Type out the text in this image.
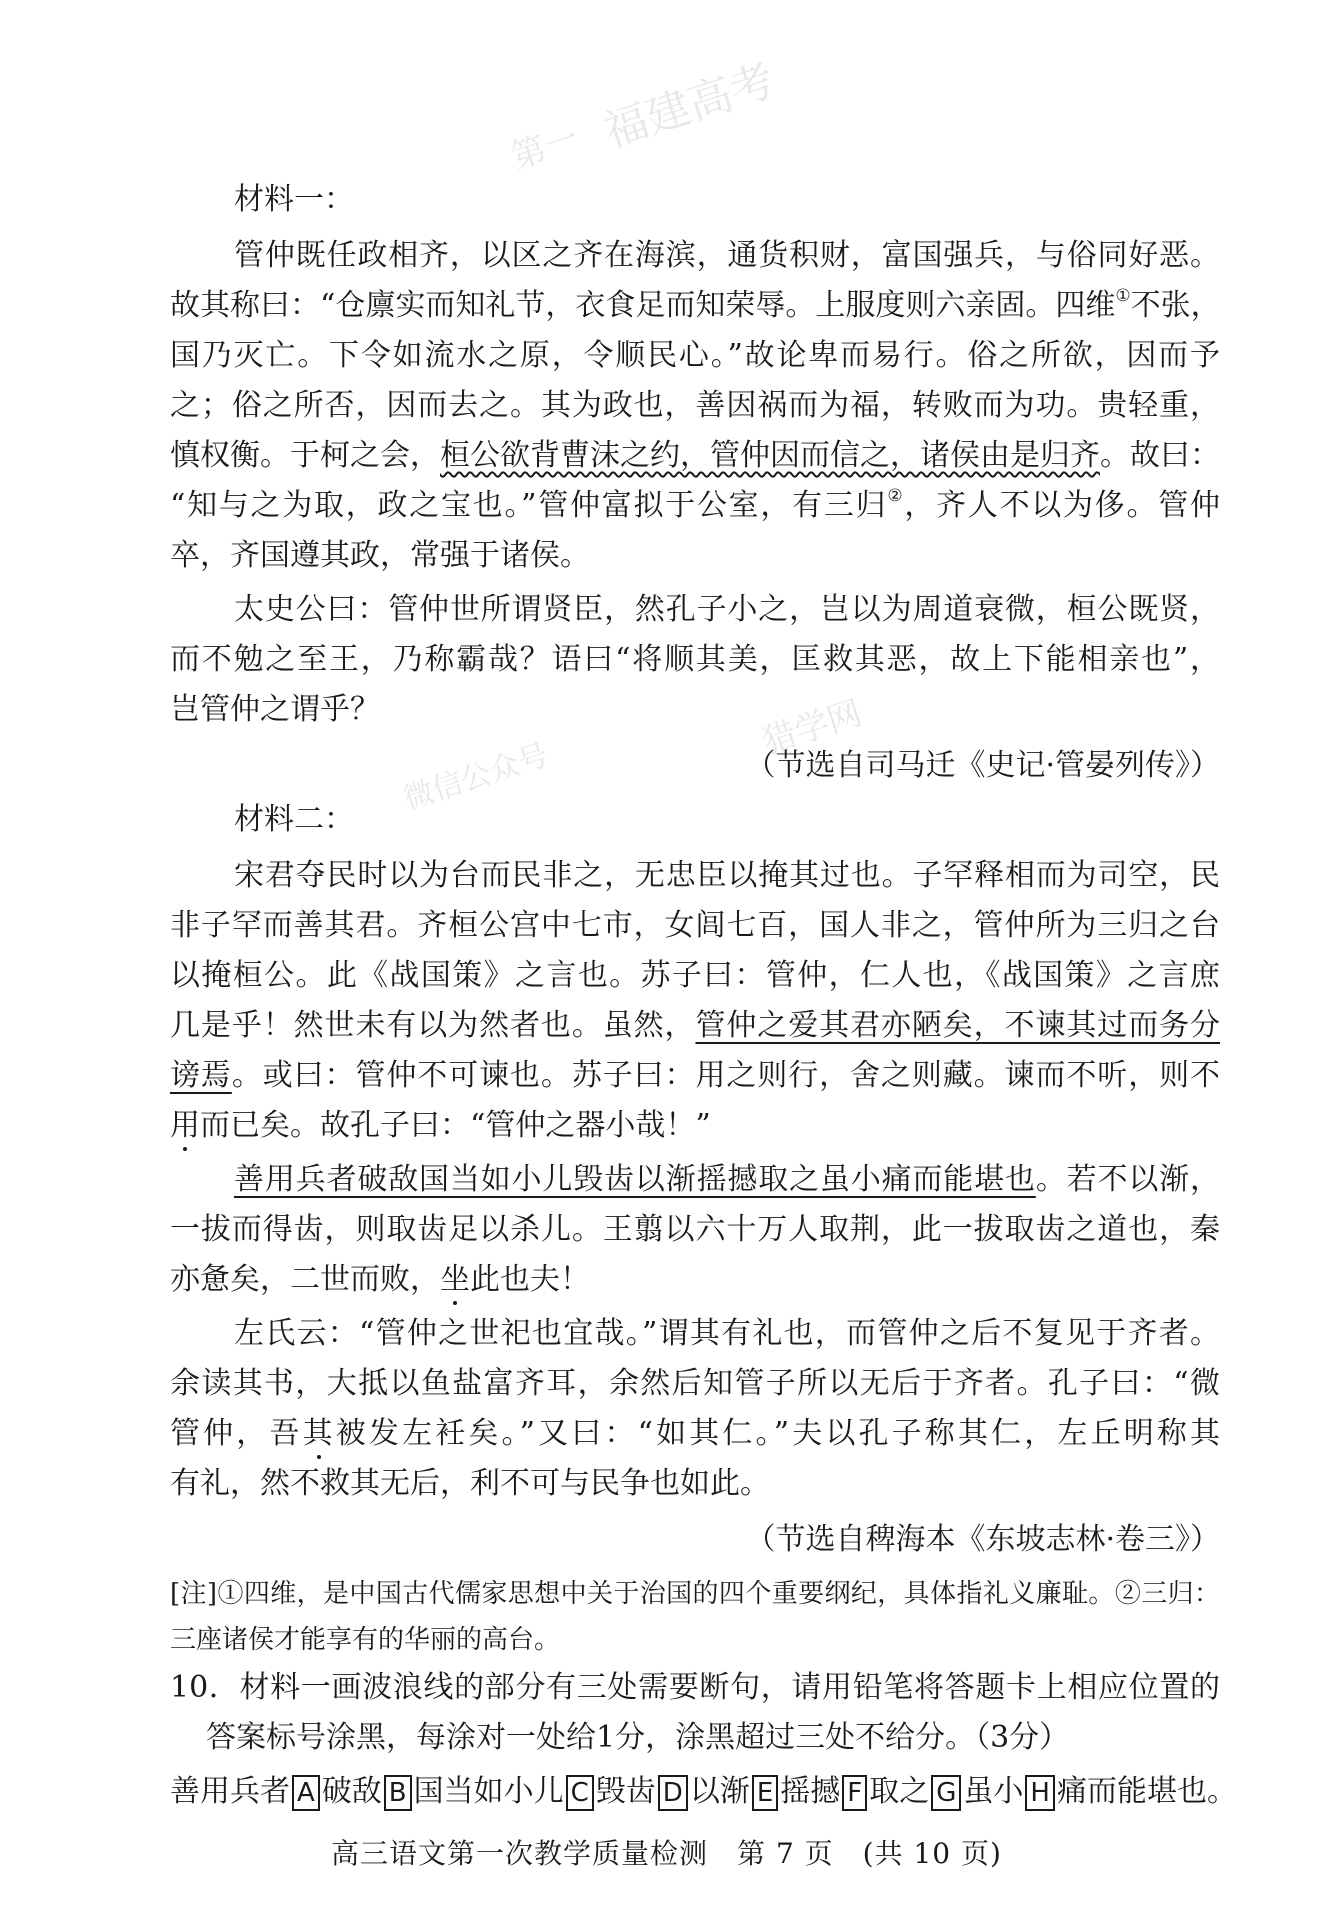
福建高考
第一
猎学网
微信公众号
材料一：
管仲既任政相齐，以区之齐在海滨，通货积财，富国强兵，与俗同好恶。
故其称曰：“仓廪实而知礼节，衣食足而知荣辱。上服度则六亲固。四维①不张，
国乃灭亡。下令如流水之原，令顺民心。”故论卑而易行。俗之所欲，因而予
之；俗之所否，因而去之。其为政也，善因祸而为福，转败而为功。贵轻重，
慎权衡。于柯之会，桓公欲背曹沫之约，管仲因而信之，诸侯由是归齐。故曰：
“知与之为取，政之宝也。”管仲富拟于公室，有三归②，齐人不以为侈。管仲
卒，齐国遵其政，常强于诸侯。
太史公曰：管仲世所谓贤臣，然孔子小之，岂以为周道衰微，桓公既贤，
而不勉之至王，乃称霸哉？语曰“将顺其美，匡救其恶，故上下能相亲也”，
岂管仲之谓乎？
（节选自司马迁《史记·管晏列传》）
材料二：
宋君夺民时以为台而民非之，无忠臣以掩其过也。子罕释相而为司空，民
非子罕而善其君。齐桓公宫中七市，女闾七百，国人非之，管仲所为三归之台
以掩桓公。此《战国策》之言也。苏子曰：管仲，仁人也，《战国策》之言庶
几是乎！然世未有以为然者也。虽然，管仲之爱其君亦陋矣，不谏其过而务分
谤焉。或曰：管仲不可谏也。苏子曰：用之则行，舍之则藏。谏而不听，则不
用而已矣。故孔子曰：“管仲之器小哉！”
善用兵者破敌国当如小儿毁齿以渐摇撼取之虽小痛而能堪也。若不以渐，
一拔而得齿，则取齿足以杀儿。王翦以六十万人取荆，此一拔取齿之道也，秦
亦惫矣，二世而败，坐此也夫！
左氏云：“管仲之世祀也宜哉。”谓其有礼也，而管仲之后不复见于齐者。
余读其书，大抵以鱼盐富齐耳，余然后知管子所以无后于齐者。孔子曰：“微
管仲，吾其被发左衽矣。”又曰：“如其仁。”夫以孔子称其仁，左丘明称其
有礼，然不救其无后，利不可与民争也如此。
（节选自稗海本《东坡志林·卷三》）
[注]①四维，是中国古代儒家思想中关于治国的四个重要纲纪，具体指礼义廉耻。②三归：
三座诸侯才能享有的华丽的高台。
10．材料一画波浪线的部分有三处需要断句，请用铅笔将答题卡上相应位置的
答案标号涂黑，每涂对一处给1分，涂黑超过三处不给分。（3分）
善用兵者 A 破敌 B 国当如小儿 C 毁齿 D 以渐 E 摇撼 F 取之 G 虽小 H 痛而能堪也。
高三语文第一次教学质量检测　第 7 页　(共 10 页)
